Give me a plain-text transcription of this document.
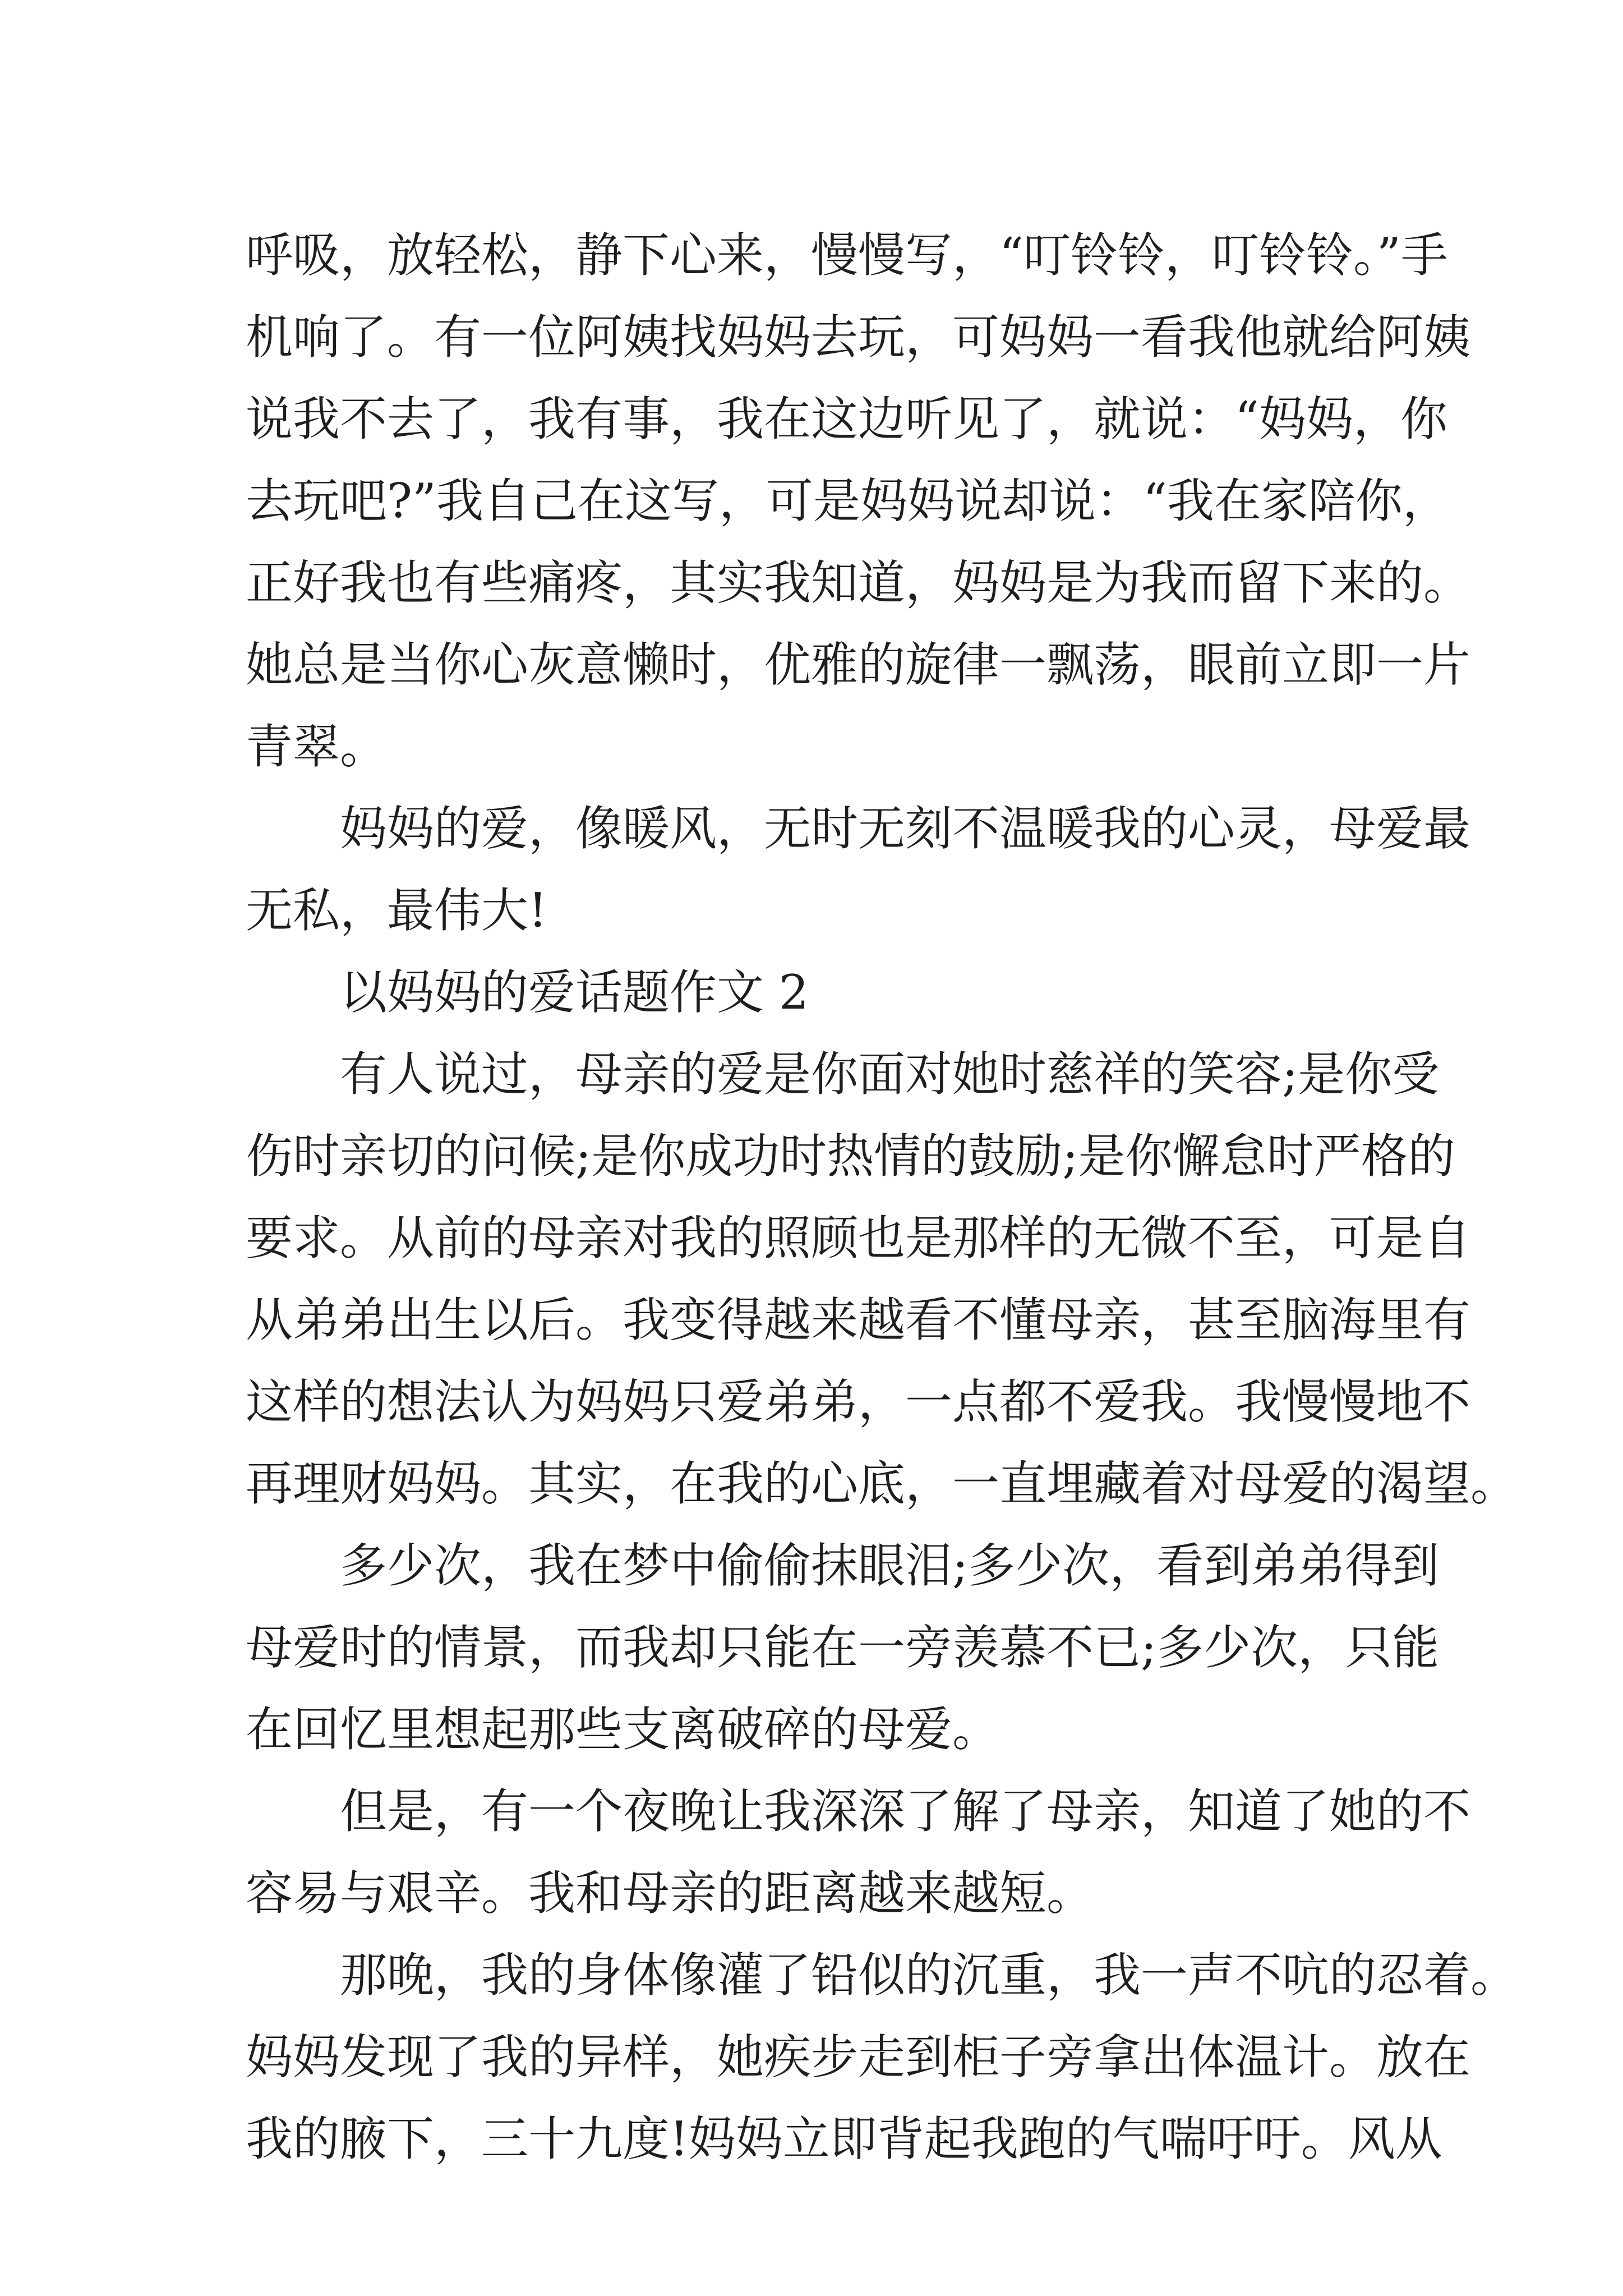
呼吸，放轻松，静下心来，慢慢写，“叮铃铃，叮铃铃。”手
机响了。有一位阿姨找妈妈去玩，可妈妈一看我他就给阿姨
说我不去了，我有事，我在这边听见了，就说：“妈妈，你
去玩吧?”我自己在这写，可是妈妈说却说：“我在家陪你，
正好我也有些痛疼，其实我知道，妈妈是为我而留下来的。
她总是当你心灰意懒时，优雅的旋律一飘荡，眼前立即一片
青翠。
妈妈的爱，像暖风，无时无刻不温暖我的心灵，母爱最
无私，最伟大!
以妈妈的爱话题作文 2
有人说过，母亲的爱是你面对她时慈祥的笑容;是你受
伤时亲切的问候;是你成功时热情的鼓励;是你懈怠时严格的
要求。从前的母亲对我的照顾也是那样的无微不至，可是自
从弟弟出生以后。我变得越来越看不懂母亲，甚至脑海里有
这样的想法认为妈妈只爱弟弟，一点都不爱我。我慢慢地不
再理财妈妈。其实，在我的心底，一直埋藏着对母爱的渴望。
多少次，我在梦中偷偷抹眼泪;多少次，看到弟弟得到
母爱时的情景，而我却只能在一旁羡慕不已;多少次，只能
在回忆里想起那些支离破碎的母爱。
但是，有一个夜晚让我深深了解了母亲，知道了她的不
容易与艰辛。我和母亲的距离越来越短。
那晚，我的身体像灌了铅似的沉重，我一声不吭的忍着。
妈妈发现了我的异样，她疾步走到柜子旁拿出体温计。放在
我的腋下，三十九度!妈妈立即背起我跑的气喘吁吁。风从
